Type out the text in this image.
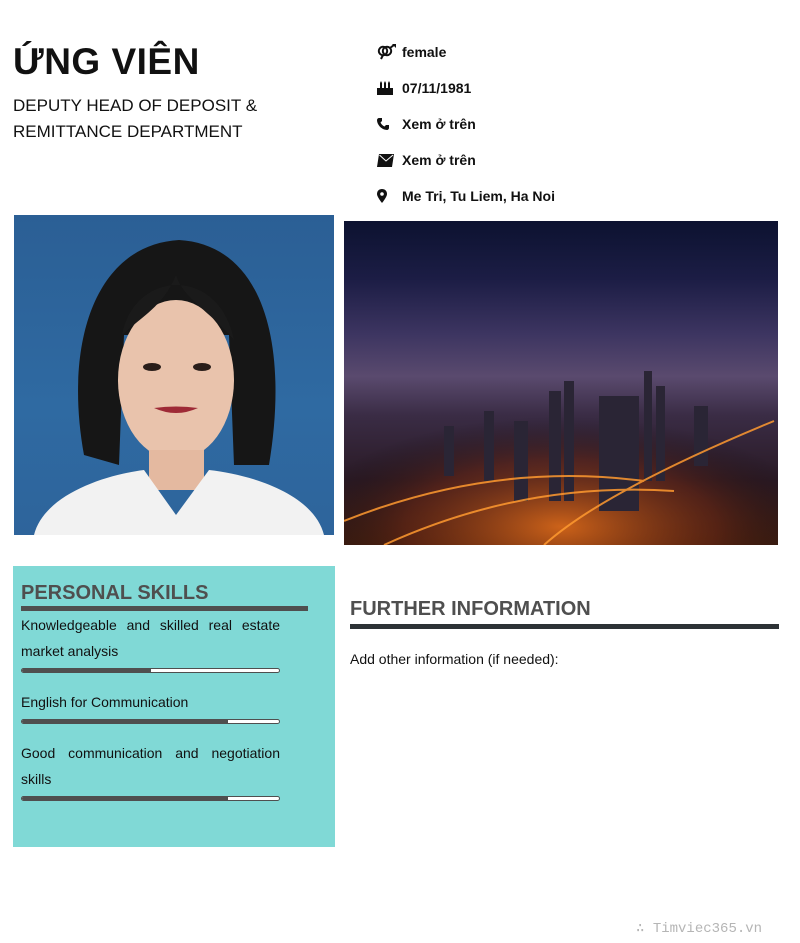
ỨNG VIÊN
DEPUTY HEAD OF DEPOSIT & REMITTANCE DEPARTMENT
female
07/11/1981
Xem ở trên
Xem ở trên
Me Tri, Tu Liem, Ha Noi
PERSONAL SKILLS
Knowledgeable and skilled real estate market analysis
English for Communication
Good communication and negotiation skills
FURTHER INFORMATION
Add other information (if needed):
∴ Timviec365.vn
